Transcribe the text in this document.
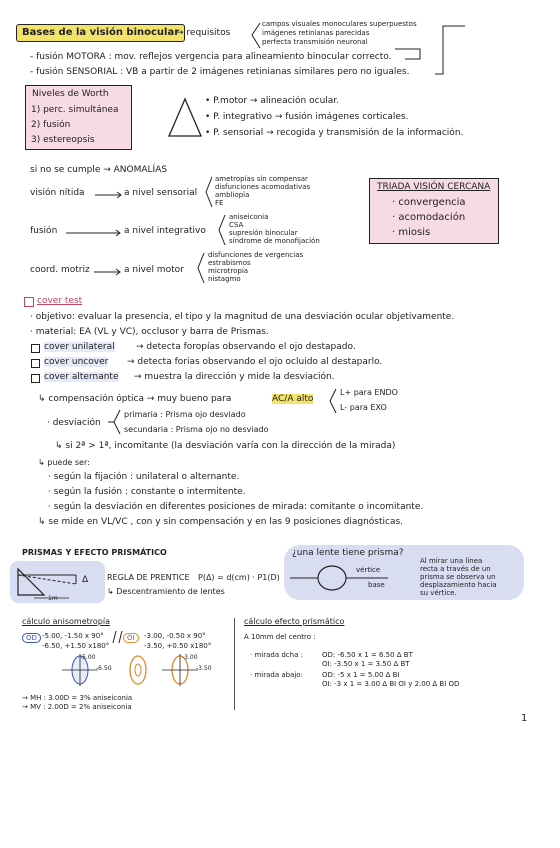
Bases de la visión binocular
→ requisitos
campos visuales monoculares superpuestos
imágenes retinianas parecidas
perfecta transmisión neuronal
- fusión MOTORA : mov. reflejos vergencia para alineamiento binocular correcto.
- fusión SENSORIAL : VB a partir de 2 imágenes retinianas similares pero no iguales.
Niveles de Worth
1) perc. simultánea
2) fusión
3) estereopsis
• P.motor → alineación ocular.
• P. integrativo → fusión imágenes corticales.
• P. sensorial → recogida y transmisión de la información.
si no se cumple → ANOMALÍAS
visión nítida	a nivel sensorial
ametropías sin compensar
disfunciones acomodativas
ambliopía
FE
fusión	a nivel integrativo
aniseiconia
CSA
supresión binocular
síndrome de monofijación
coord. motriz	a nivel motor
disfunciones de vergencias
estrabismos
microtropía
nistagmo
TRIADA VISIÓN CERCANA
· convergencia
· acomodación
· miosis
cover test
· objetivo: evaluar la presencia, el tipo y la magnitud de una desviación ocular objetivamente.
· material: EA (VL y VC), occlusor y barra de Prismas.
cover unilateral → detecta foropías observando el ojo destapado.
cover uncover → detecta forias observando el ojo ocluido al destaparlo.
cover alternante → muestra la dirección y mide la desviación.
↳ compensación óptica → muy bueno para	AC/A alto
L+ para ENDO
L- para EXO
· desviación
primaria : Prisma ojo desviado
secundaria : Prisma ojo no desviado
↳ si 2ª > 1ª, incomitante (la desviación varía con la dirección de la mirada)
↳ puede ser:
· según la fijación : unilateral o alternante.
· según la fusión : constante o intermitente.
· según la desviación en diferentes posiciones de mirada: comitante o incomitante.
↳ se mide en VL/VC , con y sin compensación y en las 9 posiciones diagnósticas.
PRISMAS Y EFECTO PRISMÁTICO
Δ
1m
REGLA DE PRENTICE P(Δ) = d(cm) · P1(D)
↳ Descentramiento de lentes
¿una lente tiene prisma?
vértice
base
Al mirar una línea
recta a través de un
prisma se observa un
desplazamiento hacia
su vértice.
cálculo anisometropía
OD -5.00, -1.50 x 90°
-6.50, +1.50 x180°
OI	-3.00, -0.50 x 90°
-3.50, +0.50 x180°
-5.00
-6.50
-3.00
-3.50
→ MH : 3.00D = 3% aniseiconia
→ MV : 2.00D = 2% aniseiconia
cálculo efecto prismático
A 10mm del centro :
· mirada dcha :	OD: -6.50 x 1 = 6.50 Δ BT
OI: -3.50 x 1 = 3.50 Δ BT
· mirada abajo:	OD: -5 x 1 = 5.00 Δ BI
OI: -3 x 1 = 3.00 Δ BI OI y 2.00 Δ BI OD
1
